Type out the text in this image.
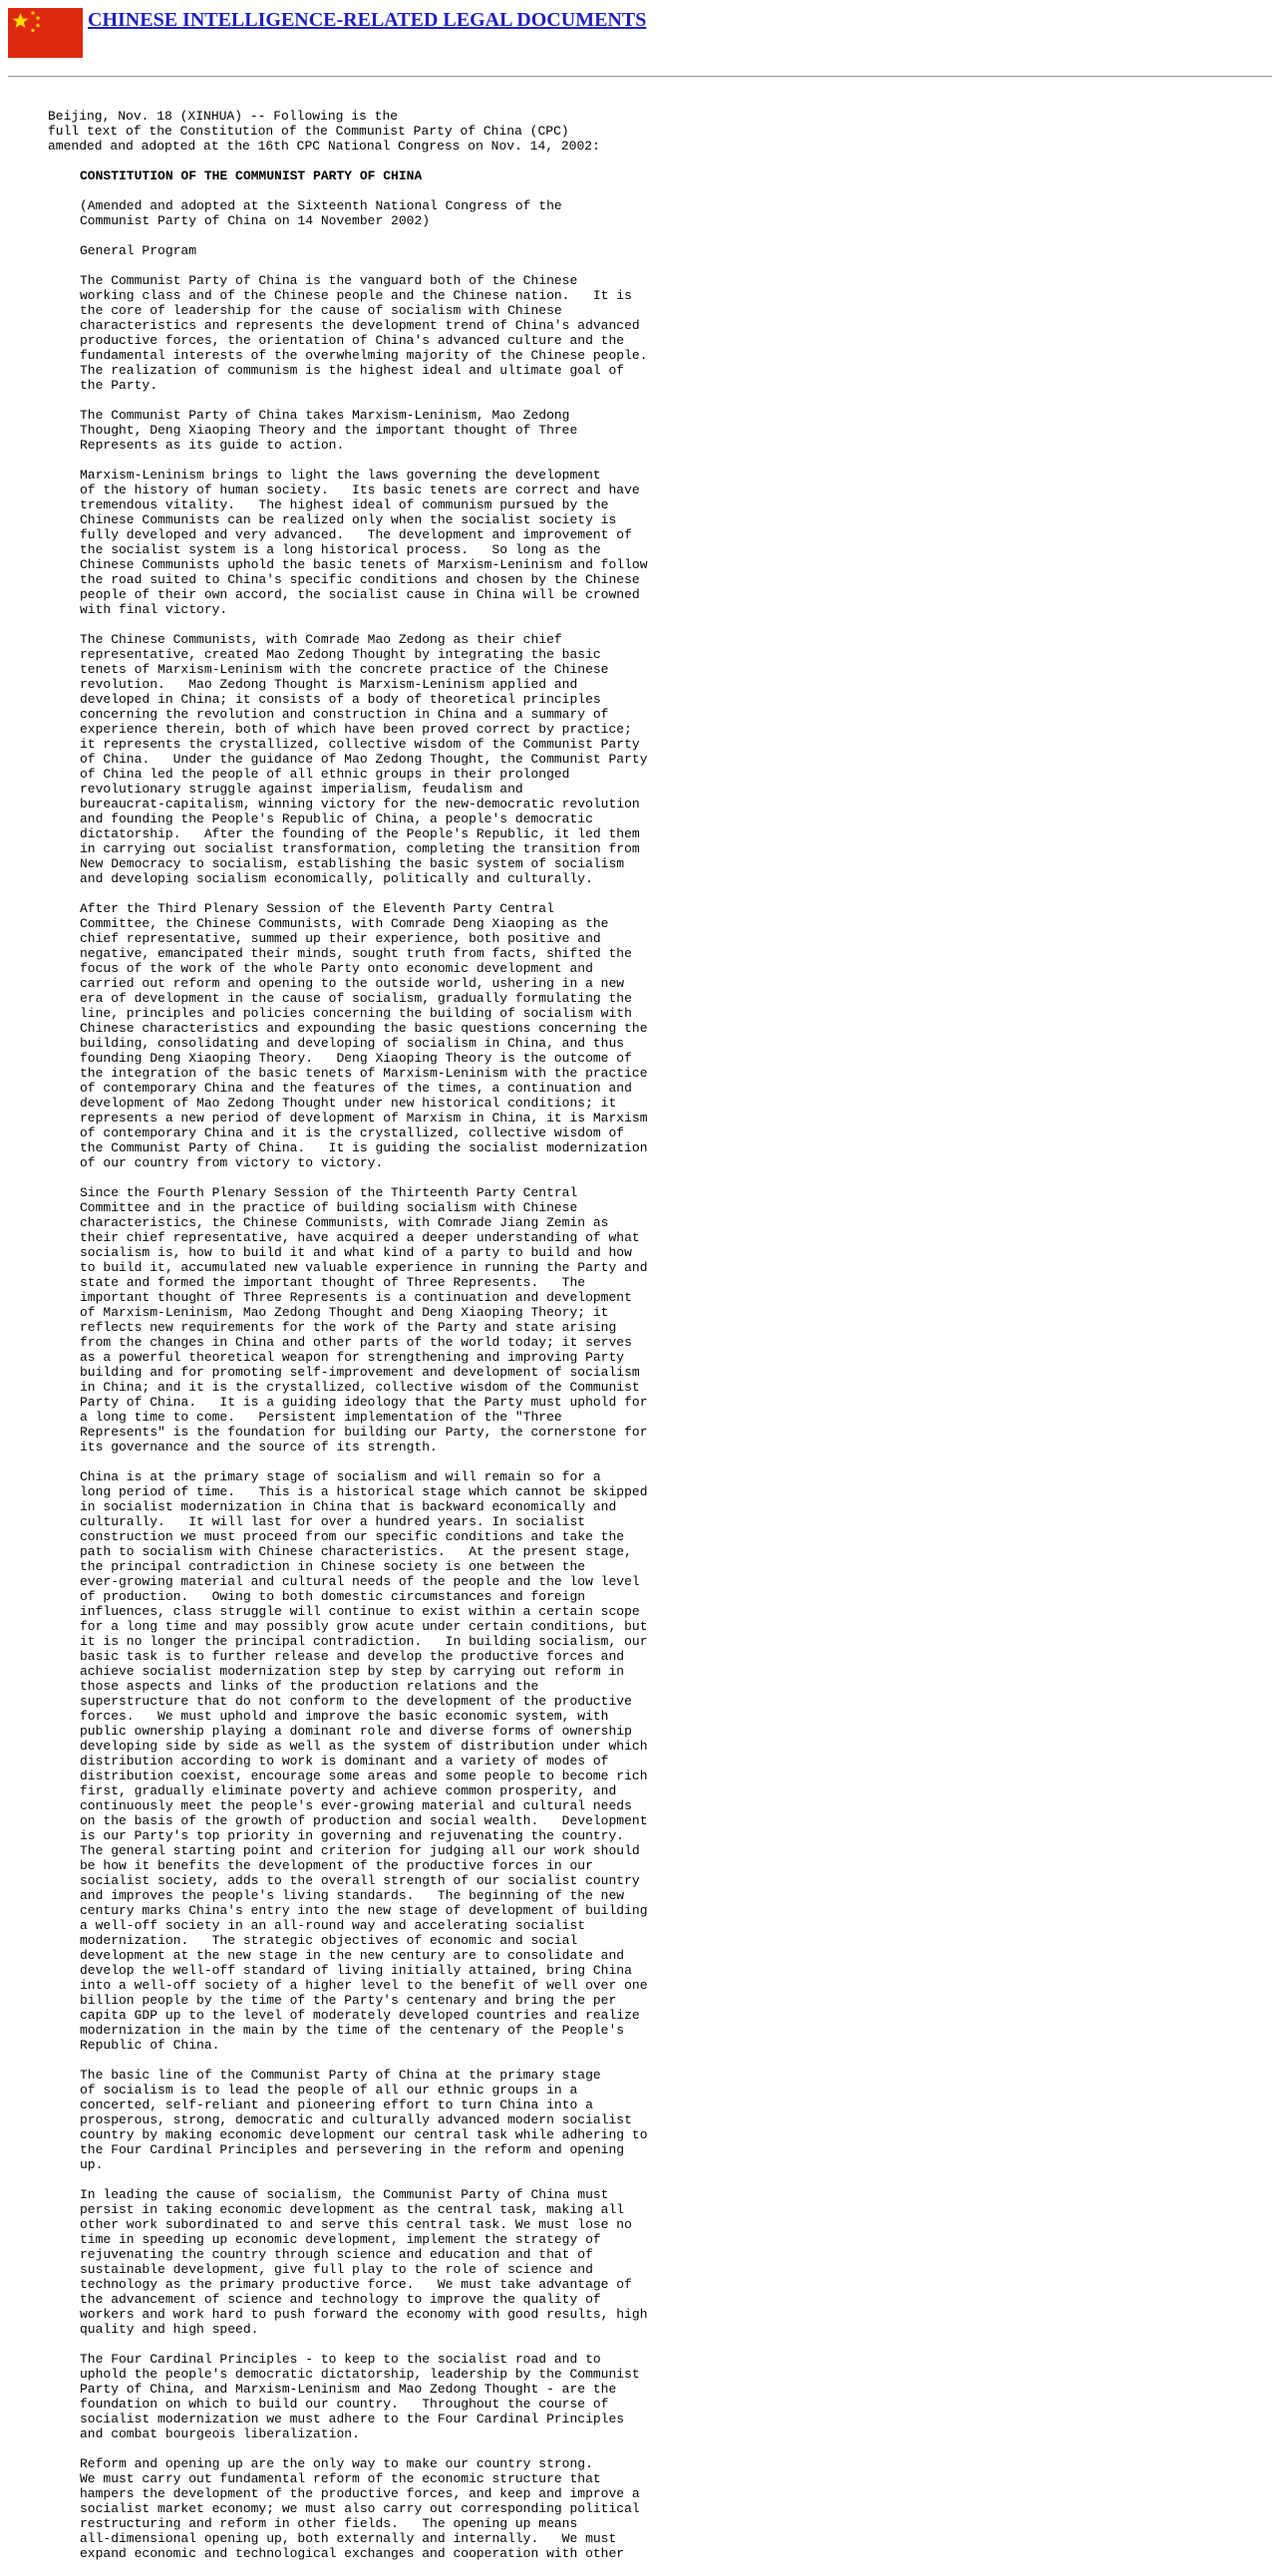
CHINESE INTELLIGENCE-RELATED LEGAL DOCUMENTS

Beijing, Nov. 18 (XINHUA) -- Following is the
full text of the Constitution of the Communist Party of China (CPC)
amended and adopted at the 16th CPC National Congress on Nov. 14, 2002:

CONSTITUTION OF THE COMMUNIST PARTY OF CHINA

(Amended and adopted at the Sixteenth National Congress of the
Communist Party of China on 14 November 2002)

General Program

The Communist Party of China is the vanguard both of the Chinese
working class and of the Chinese people and the Chinese nation.   It is
the core of leadership for the cause of socialism with Chinese
characteristics and represents the development trend of China's advanced
productive forces, the orientation of China's advanced culture and the
fundamental interests of the overwhelming majority of the Chinese people.
The realization of communism is the highest ideal and ultimate goal of
the Party.

The Communist Party of China takes Marxism-Leninism, Mao Zedong
Thought, Deng Xiaoping Theory and the important thought of Three
Represents as its guide to action.

Marxism-Leninism brings to light the laws governing the development
of the history of human society.   Its basic tenets are correct and have
tremendous vitality.   The highest ideal of communism pursued by the
Chinese Communists can be realized only when the socialist society is
fully developed and very advanced.   The development and improvement of
the socialist system is a long historical process.   So long as the
Chinese Communists uphold the basic tenets of Marxism-Leninism and follow
the road suited to China's specific conditions and chosen by the Chinese
people of their own accord, the socialist cause in China will be crowned
with final victory.

The Chinese Communists, with Comrade Mao Zedong as their chief
representative, created Mao Zedong Thought by integrating the basic
tenets of Marxism-Leninism with the concrete practice of the Chinese
revolution.   Mao Zedong Thought is Marxism-Leninism applied and
developed in China; it consists of a body of theoretical principles
concerning the revolution and construction in China and a summary of
experience therein, both of which have been proved correct by practice;
it represents the crystallized, collective wisdom of the Communist Party
of China.   Under the guidance of Mao Zedong Thought, the Communist Party
of China led the people of all ethnic groups in their prolonged
revolutionary struggle against imperialism, feudalism and
bureaucrat-capitalism, winning victory for the new-democratic revolution
and founding the People's Republic of China, a people's democratic
dictatorship.   After the founding of the People's Republic, it led them
in carrying out socialist transformation, completing the transition from
New Democracy to socialism, establishing the basic system of socialism
and developing socialism economically, politically and culturally.

After the Third Plenary Session of the Eleventh Party Central
Committee, the Chinese Communists, with Comrade Deng Xiaoping as the
chief representative, summed up their experience, both positive and
negative, emancipated their minds, sought truth from facts, shifted the
focus of the work of the whole Party onto economic development and
carried out reform and opening to the outside world, ushering in a new
era of development in the cause of socialism, gradually formulating the
line, principles and policies concerning the building of socialism with
Chinese characteristics and expounding the basic questions concerning the
building, consolidating and developing of socialism in China, and thus
founding Deng Xiaoping Theory.   Deng Xiaoping Theory is the outcome of
the integration of the basic tenets of Marxism-Leninism with the practice
of contemporary China and the features of the times, a continuation and
development of Mao Zedong Thought under new historical conditions; it
represents a new period of development of Marxism in China, it is Marxism
of contemporary China and it is the crystallized, collective wisdom of
the Communist Party of China.   It is guiding the socialist modernization
of our country from victory to victory.

Since the Fourth Plenary Session of the Thirteenth Party Central
Committee and in the practice of building socialism with Chinese
characteristics, the Chinese Communists, with Comrade Jiang Zemin as
their chief representative, have acquired a deeper understanding of what
socialism is, how to build it and what kind of a party to build and how
to build it, accumulated new valuable experience in running the Party and
state and formed the important thought of Three Represents.   The
important thought of Three Represents is a continuation and development
of Marxism-Leninism, Mao Zedong Thought and Deng Xiaoping Theory; it
reflects new requirements for the work of the Party and state arising
from the changes in China and other parts of the world today; it serves
as a powerful theoretical weapon for strengthening and improving Party
building and for promoting self-improvement and development of socialism
in China; and it is the crystallized, collective wisdom of the Communist
Party of China.   It is a guiding ideology that the Party must uphold for
a long time to come.   Persistent implementation of the "Three
Represents" is the foundation for building our Party, the cornerstone for
its governance and the source of its strength.

China is at the primary stage of socialism and will remain so for a
long period of time.   This is a historical stage which cannot be skipped
in socialist modernization in China that is backward economically and
culturally.   It will last for over a hundred years. In socialist
construction we must proceed from our specific conditions and take the
path to socialism with Chinese characteristics.   At the present stage,
the principal contradiction in Chinese society is one between the
ever-growing material and cultural needs of the people and the low level
of production.   Owing to both domestic circumstances and foreign
influences, class struggle will continue to exist within a certain scope
for a long time and may possibly grow acute under certain conditions, but
it is no longer the principal contradiction.   In building socialism, our
basic task is to further release and develop the productive forces and
achieve socialist modernization step by step by carrying out reform in
those aspects and links of the production relations and the
superstructure that do not conform to the development of the productive
forces.   We must uphold and improve the basic economic system, with
public ownership playing a dominant role and diverse forms of ownership
developing side by side as well as the system of distribution under which
distribution according to work is dominant and a variety of modes of
distribution coexist, encourage some areas and some people to become rich
first, gradually eliminate poverty and achieve common prosperity, and
continuously meet the people's ever-growing material and cultural needs
on the basis of the growth of production and social wealth.   Development
is our Party's top priority in governing and rejuvenating the country.
The general starting point and criterion for judging all our work should
be how it benefits the development of the productive forces in our
socialist society, adds to the overall strength of our socialist country
and improves the people's living standards.   The beginning of the new
century marks China's entry into the new stage of development of building
a well-off society in an all-round way and accelerating socialist
modernization.   The strategic objectives of economic and social
development at the new stage in the new century are to consolidate and
develop the well-off standard of living initially attained, bring China
into a well-off society of a higher level to the benefit of well over one
billion people by the time of the Party's centenary and bring the per
capita GDP up to the level of moderately developed countries and realize
modernization in the main by the time of the centenary of the People's
Republic of China.

The basic line of the Communist Party of China at the primary stage
of socialism is to lead the people of all our ethnic groups in a
concerted, self-reliant and pioneering effort to turn China into a
prosperous, strong, democratic and culturally advanced modern socialist
country by making economic development our central task while adhering to
the Four Cardinal Principles and persevering in the reform and opening
up.

In leading the cause of socialism, the Communist Party of China must
persist in taking economic development as the central task, making all
other work subordinated to and serve this central task. We must lose no
time in speeding up economic development, implement the strategy of
rejuvenating the country through science and education and that of
sustainable development, give full play to the role of science and
technology as the primary productive force.   We must take advantage of
the advancement of science and technology to improve the quality of
workers and work hard to push forward the economy with good results, high
quality and high speed.

The Four Cardinal Principles - to keep to the socialist road and to
uphold the people's democratic dictatorship, leadership by the Communist
Party of China, and Marxism-Leninism and Mao Zedong Thought - are the
foundation on which to build our country.   Throughout the course of
socialist modernization we must adhere to the Four Cardinal Principles
and combat bourgeois liberalization.

Reform and opening up are the only way to make our country strong.
We must carry out fundamental reform of the economic structure that
hampers the development of the productive forces, and keep and improve a
socialist market economy; we must also carry out corresponding political
restructuring and reform in other fields.   The opening up means
all-dimensional opening up, both externally and internally.   We must
expand economic and technological exchanges and cooperation with other
